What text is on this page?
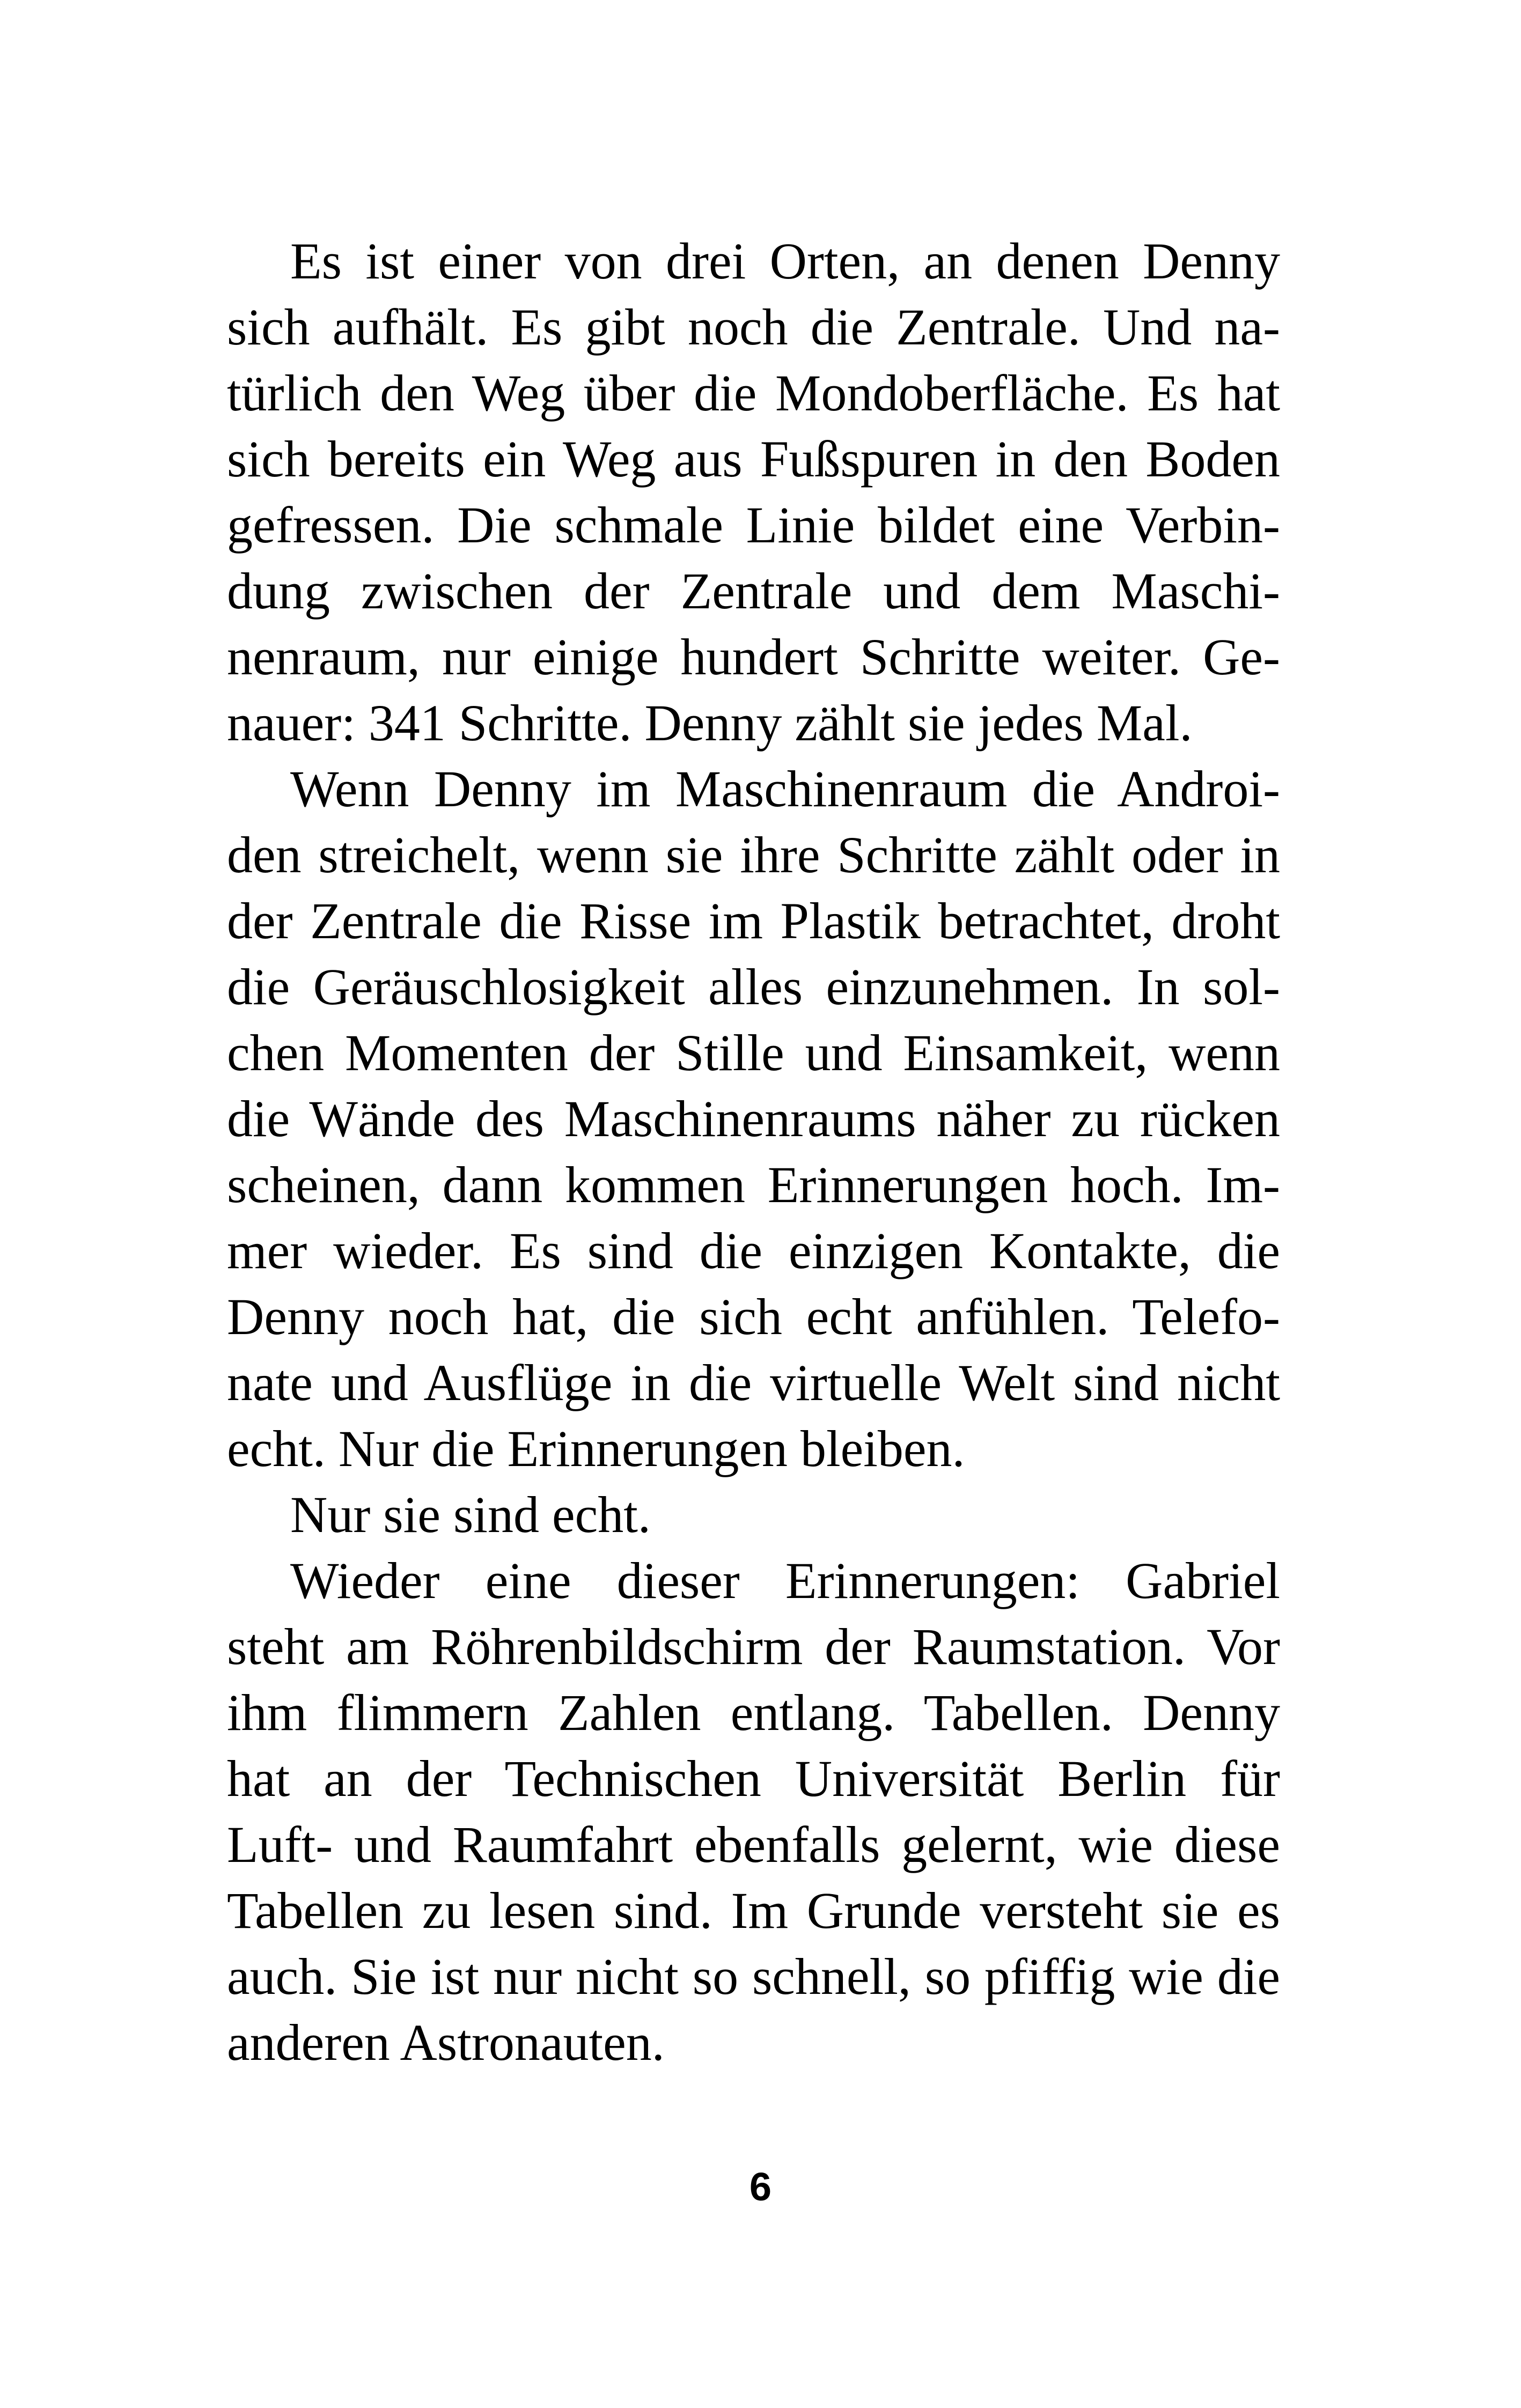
Es ist einer von drei Orten, an denen Denny
sich aufhält. Es gibt noch die Zentrale. Und na-
türlich den Weg über die Mondoberfläche. Es hat
sich bereits ein Weg aus Fußspuren in den Boden
gefressen. Die schmale Linie bildet eine Verbin-
dung zwischen der Zentrale und dem Maschi-
nenraum, nur einige hundert Schritte weiter. Ge-
nauer: 341 Schritte. Denny zählt sie jedes Mal.
Wenn Denny im Maschinenraum die Androi-
den streichelt, wenn sie ihre Schritte zählt oder in
der Zentrale die Risse im Plastik betrachtet, droht
die Geräuschlosigkeit alles einzunehmen. In sol-
chen Momenten der Stille und Einsamkeit, wenn
die Wände des Maschinenraums näher zu rücken
scheinen, dann kommen Erinnerungen hoch. Im-
mer wieder. Es sind die einzigen Kontakte, die
Denny noch hat, die sich echt anfühlen. Telefo-
nate und Ausflüge in die virtuelle Welt sind nicht
echt. Nur die Erinnerungen bleiben.
Nur sie sind echt.
Wieder eine dieser Erinnerungen: Gabriel
steht am Röhrenbildschirm der Raumstation. Vor
ihm flimmern Zahlen entlang. Tabellen. Denny
hat an der Technischen Universität Berlin für
Luft- und Raumfahrt ebenfalls gelernt, wie diese
Tabellen zu lesen sind. Im Grunde versteht sie es
auch. Sie ist nur nicht so schnell, so pfiffig wie die
anderen Astronauten.
6
